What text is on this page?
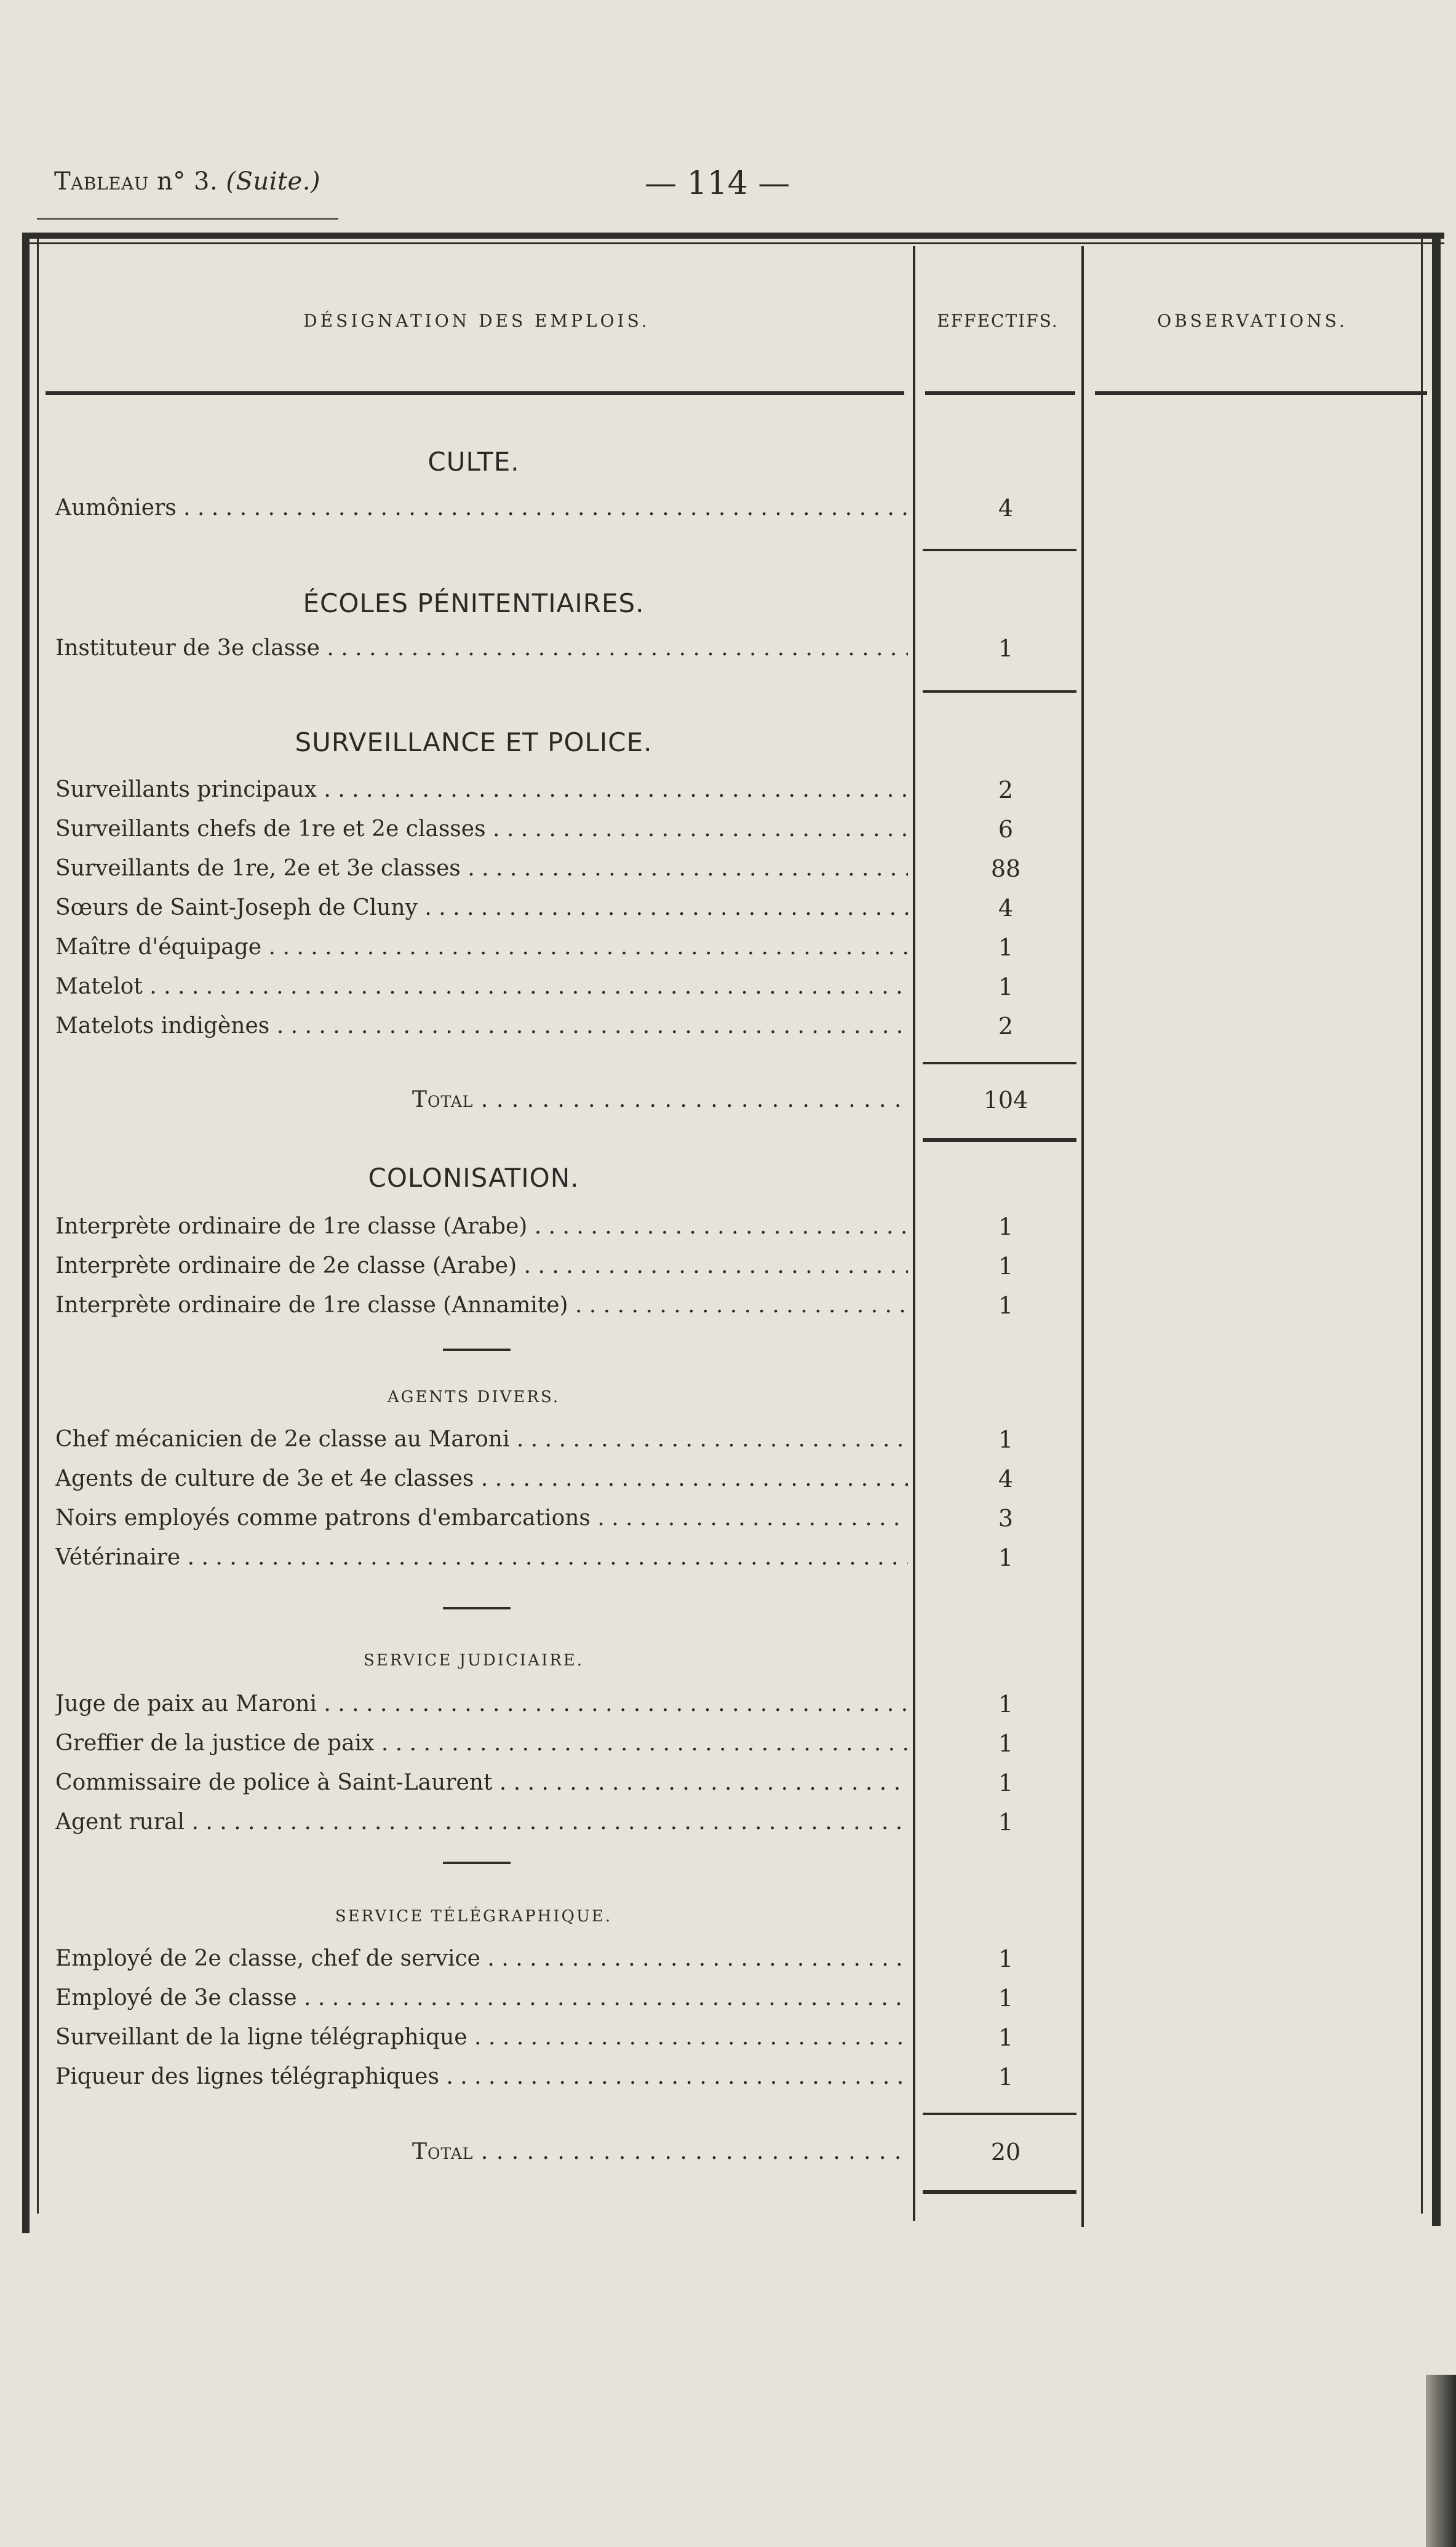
Tableau n° 3. (Suite.)	— 114 —
DÉSIGNATION DES EMPLOIS.	EFFECTIFS.	OBSERVATIONS.
CULTE.
Aumôniers . . .	4
ÉCOLES PÉNITENTIAIRES.
Instituteur de 3e classe . . .	1
SURVEILLANCE ET POLICE.
Surveillants principaux . . .	2
Surveillants chefs de 1re et 2e classes . . .	6
Surveillants de 1re, 2e et 3e classes . . .	88
Sœurs de Saint-Joseph de Cluny . . .	4
Maître d'équipage . . .	1
Matelot . . .	1
Matelots indigènes . . .	2
Total . . .	104
COLONISATION.
Interprète ordinaire de 1re classe (Arabe) . . .	1
Interprète ordinaire de 2e classe (Arabe) . . .	1
Interprète ordinaire de 1re classe (Annamite) . . .	1
AGENTS DIVERS.
Chef mécanicien de 2e classe au Maroni . . .	1
Agents de culture de 3e et 4e classes . . .	4
Noirs employés comme patrons d'embarcations . . .	3
Vétérinaire . . .	1
SERVICE JUDICIAIRE.
Juge de paix au Maroni . . .	1
Greffier de la justice de paix . . .	1
Commissaire de police à Saint-Laurent . . .	1
Agent rural . . .	1
SERVICE TÉLÉGRAPHIQUE.
Employé de 2e classe, chef de service . . .	1
Employé de 3e classe . . .	1
Surveillant de la ligne télégraphique . . .	1
Piqueur des lignes télégraphiques . . .	1
Total . . .	20
